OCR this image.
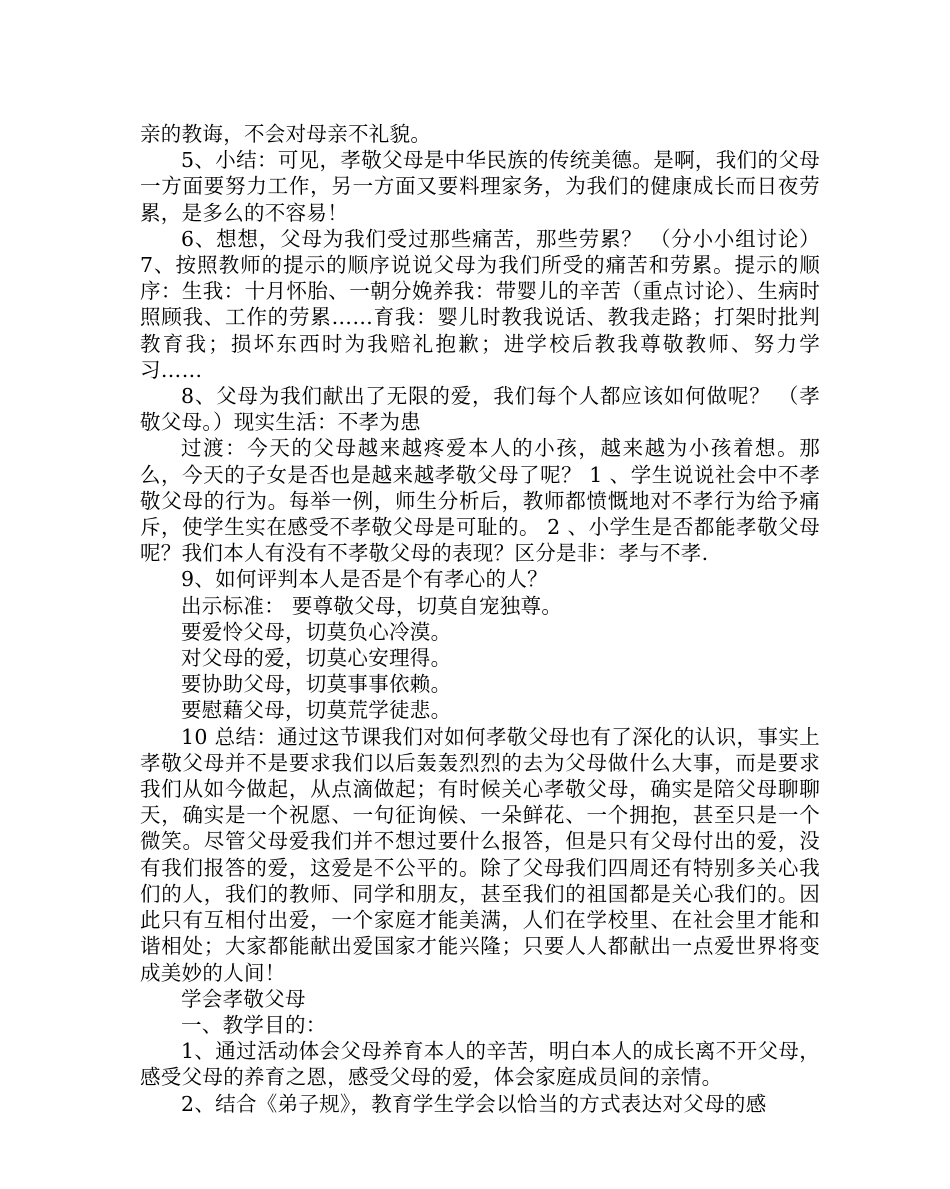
亲的教诲，不会对母亲不礼貌。

5、小结：可见，孝敬父母是中华民族的传统美德。是啊，我们的父母一方面要努力工作，另一方面又要料理家务，为我们的健康成长而日夜劳累，是多么的不容易！

6、想想，父母为我们受过那些痛苦，那些劳累？ （分小小组讨论）7、按照教师的提示的顺序说说父母为我们所受的痛苦和劳累。提示的顺序：生我：十月怀胎、一朝分娩养我：带婴儿的辛苦（重点讨论）、生病时照顾我、工作的劳累……育我：婴儿时教我说话、教我走路；打架时批判教育我；损坏东西时为我赔礼抱歉；进学校后教我尊敬教师、努力学习……

8、父母为我们献出了无限的爱，我们每个人都应该如何做呢？ （孝敬父母。）现实生活：不孝为患

过渡：今天的父母越来越疼爱本人的小孩，越来越为小孩着想。那么，今天的子女是否也是越来越孝敬父母了呢？ 1 、学生说说社会中不孝敬父母的行为。每举一例，师生分析后，教师都愤慨地对不孝行为给予痛斥，使学生实在感受不孝敬父母是可耻的。 2 、小学生是否都能孝敬父母呢？我们本人有没有不孝敬父母的表现？区分是非：孝与不孝.

9、如何评判本人是否是个有孝心的人？

出示标准： 要尊敬父母，切莫自宠独尊。

要爱怜父母，切莫负心冷漠。

对父母的爱，切莫心安理得。

要协助父母，切莫事事依赖。

要慰藉父母，切莫荒学徒悲。

10 总结：通过这节课我们对如何孝敬父母也有了深化的认识，事实上孝敬父母并不是要求我们以后轰轰烈烈的去为父母做什么大事，而是要求我们从如今做起，从点滴做起；有时候关心孝敬父母，确实是陪父母聊聊天，确实是一个祝愿、一句征询候、一朵鲜花、一个拥抱，甚至只是一个微笑。尽管父母爱我们并不想过要什么报答，但是只有父母付出的爱，没有我们报答的爱，这爱是不公平的。除了父母我们四周还有特别多关心我们的人，我们的教师、同学和朋友，甚至我们的祖国都是关心我们的。因此只有互相付出爱，一个家庭才能美满，人们在学校里、在社会里才能和谐相处；大家都能献出爱国家才能兴隆；只要人人都献出一点爱世界将变成美妙的人间！

学会孝敬父母

一、教学目的：

1、通过活动体会父母养育本人的辛苦，明白本人的成长离不开父母，感受父母的养育之恩，感受父母的爱，体会家庭成员间的亲情。

2、结合《弟子规》，教育学生学会以恰当的方式表达对父母的感
